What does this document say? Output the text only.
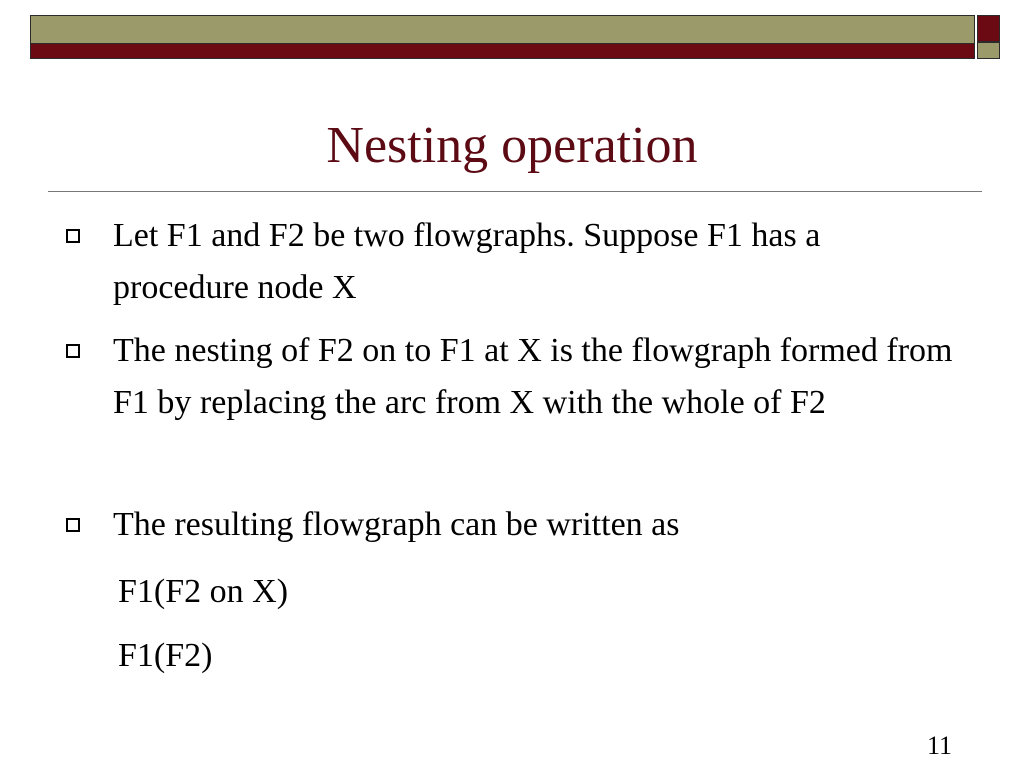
Nesting operation
Let F1 and F2 be two flowgraphs. Suppose F1 has a procedure node X
The nesting of F2 on to F1 at X is the flowgraph formed from F1 by replacing the arc from X with the whole of F2
The resulting flowgraph can be written as
F1(F2 on X)
F1(F2)
11
